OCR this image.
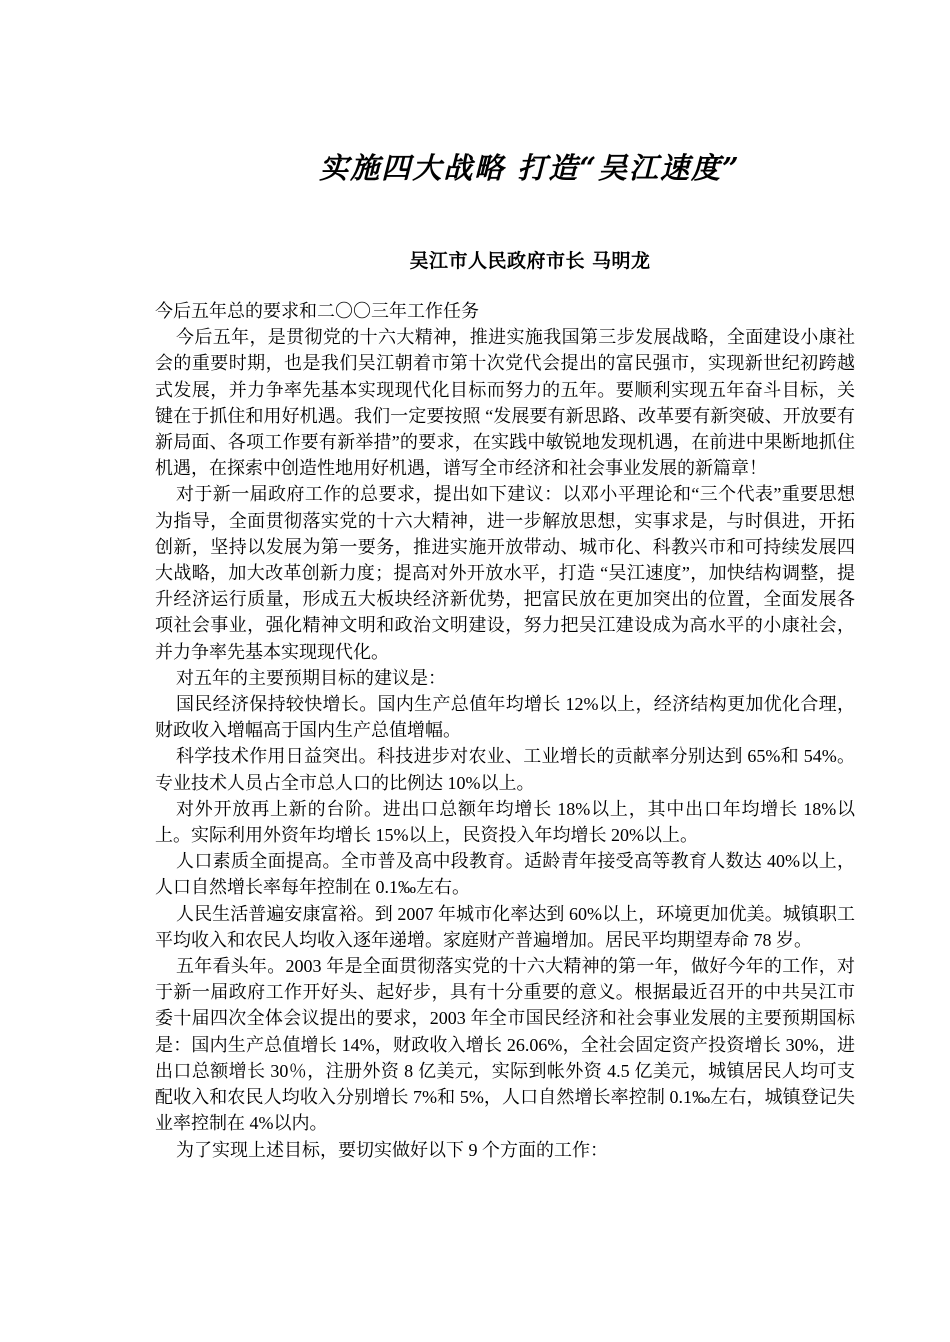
实施四大战略 打造“吴江速度”
吴江市人民政府市长 马明龙

今后五年总的要求和二〇〇三年工作任务

今后五年，是贯彻党的十六大精神，推进实施我国第三步发展战略，全面建设小康社会的重要时期，也是我们吴江朝着市第十次党代会提出的富民强市，实现新世纪初跨越式发展，并力争率先基本实现现代化目标而努力的五年。要顺利实现五年奋斗目标，关键在于抓住和用好机遇。我们一定要按照 “发展要有新思路、改革要有新突破、开放要有新局面、各项工作要有新举措”的要求，在实践中敏锐地发现机遇，在前进中果断地抓住机遇，在探索中创造性地用好机遇，谱写全市经济和社会事业发展的新篇章！

对于新一届政府工作的总要求，提出如下建议：以邓小平理论和“三个代表”重要思想为指导，全面贯彻落实党的十六大精神，进一步解放思想，实事求是，与时俱进，开拓创新，坚持以发展为第一要务，推进实施开放带动、城市化、科教兴市和可持续发展四大战略，加大改革创新力度；提高对外开放水平，打造 “吴江速度”，加快结构调整，提升经济运行质量，形成五大板块经济新优势，把富民放在更加突出的位置，全面发展各项社会事业，强化精神文明和政治文明建设，努力把吴江建设成为高水平的小康社会，并力争率先基本实现现代化。

对五年的主要预期目标的建议是：

国民经济保持较快增长。国内生产总值年均增长 12%以上，经济结构更加优化合理，财政收入增幅高于国内生产总值增幅。

科学技术作用日益突出。科技进步对农业、工业增长的贡献率分别达到 65%和 54%。专业技术人员占全市总人口的比例达 10%以上。

对外开放再上新的台阶。进出口总额年均增长 18%以上，其中出口年均增长 18%以上。实际利用外资年均增长 15%以上，民资投入年均增长 20%以上。

人口素质全面提高。全市普及高中段教育。适龄青年接受高等教育人数达 40%以上，人口自然增长率每年控制在 0.1‰左右。

人民生活普遍安康富裕。到 2007 年城市化率达到 60%以上，环境更加优美。城镇职工平均收入和农民人均收入逐年递增。家庭财产普遍增加。居民平均期望寿命 78 岁。

五年看头年。2003 年是全面贯彻落实党的十六大精神的第一年，做好今年的工作，对于新一届政府工作开好头、起好步，具有十分重要的意义。根据最近召开的中共吴江市委十届四次全体会议提出的要求，2003 年全市国民经济和社会事业发展的主要预期国标是：国内生产总值增长 14%，财政收入增长 26.06%，全社会固定资产投资增长 30%，进出口总额增长 30％，注册外资 8 亿美元，实际到帐外资 4.5 亿美元，城镇居民人均可支配收入和农民人均收入分别增长 7%和 5%，人口自然增长率控制 0.1‰左右，城镇登记失业率控制在 4%以内。

为了实现上述目标，要切实做好以下 9 个方面的工作：
